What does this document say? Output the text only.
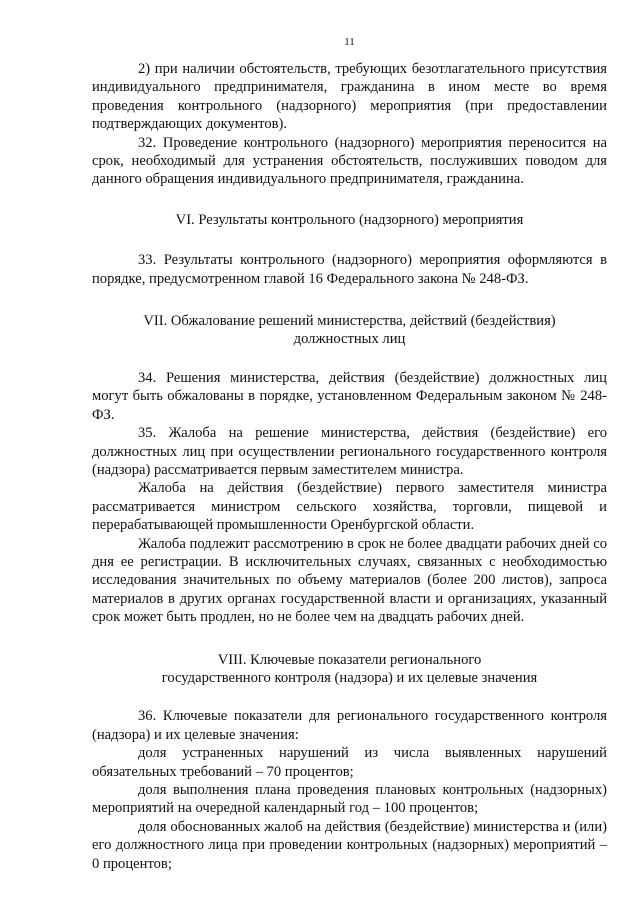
11

2) при наличии обстоятельств, требующих безотлагательного присутствия индивидуального предпринимателя, гражданина в ином месте во время проведения контрольного (надзорного) мероприятия (при предоставлении подтверждающих документов).

32. Проведение контрольного (надзорного) мероприятия переносится на срок, необходимый для устранения обстоятельств, послуживших поводом для данного обращения индивидуального предпринимателя, гражданина.

VI. Результаты контрольного (надзорного) мероприятия

33. Результаты контрольного (надзорного) мероприятия оформляются в порядке, предусмотренном главой 16 Федерального закона № 248-ФЗ.

VII. Обжалование решений министерства, действий (бездействия) должностных лиц

34. Решения министерства, действия (бездействие) должностных лиц могут быть обжалованы в порядке, установленном Федеральным законом № 248-ФЗ.

35. Жалоба на решение министерства, действия (бездействие) его должностных лиц при осуществлении регионального государственного контроля (надзора) рассматривается первым заместителем министра.

Жалоба на действия (бездействие) первого заместителя министра рассматривается министром сельского хозяйства, торговли, пищевой и перерабатывающей промышленности Оренбургской области.

Жалоба подлежит рассмотрению в срок не более двадцати рабочих дней со дня ее регистрации. В исключительных случаях, связанных с необходимостью исследования значительных по объему материалов (более 200 листов), запроса материалов в других органах государственной власти и организациях, указанный срок может быть продлен, но не более чем на двадцать рабочих дней.

VIII. Ключевые показатели регионального
государственного контроля (надзора) и их целевые значения

36. Ключевые показатели для регионального государственного контроля (надзора) и их целевые значения:

доля устраненных нарушений из числа выявленных нарушений обязательных требований – 70 процентов;

доля выполнения плана проведения плановых контрольных (надзорных) мероприятий на очередной календарный год – 100 процентов;

доля обоснованных жалоб на действия (бездействие) министерства и (или) его должностного лица при проведении контрольных (надзорных) мероприятий – 0 процентов;
